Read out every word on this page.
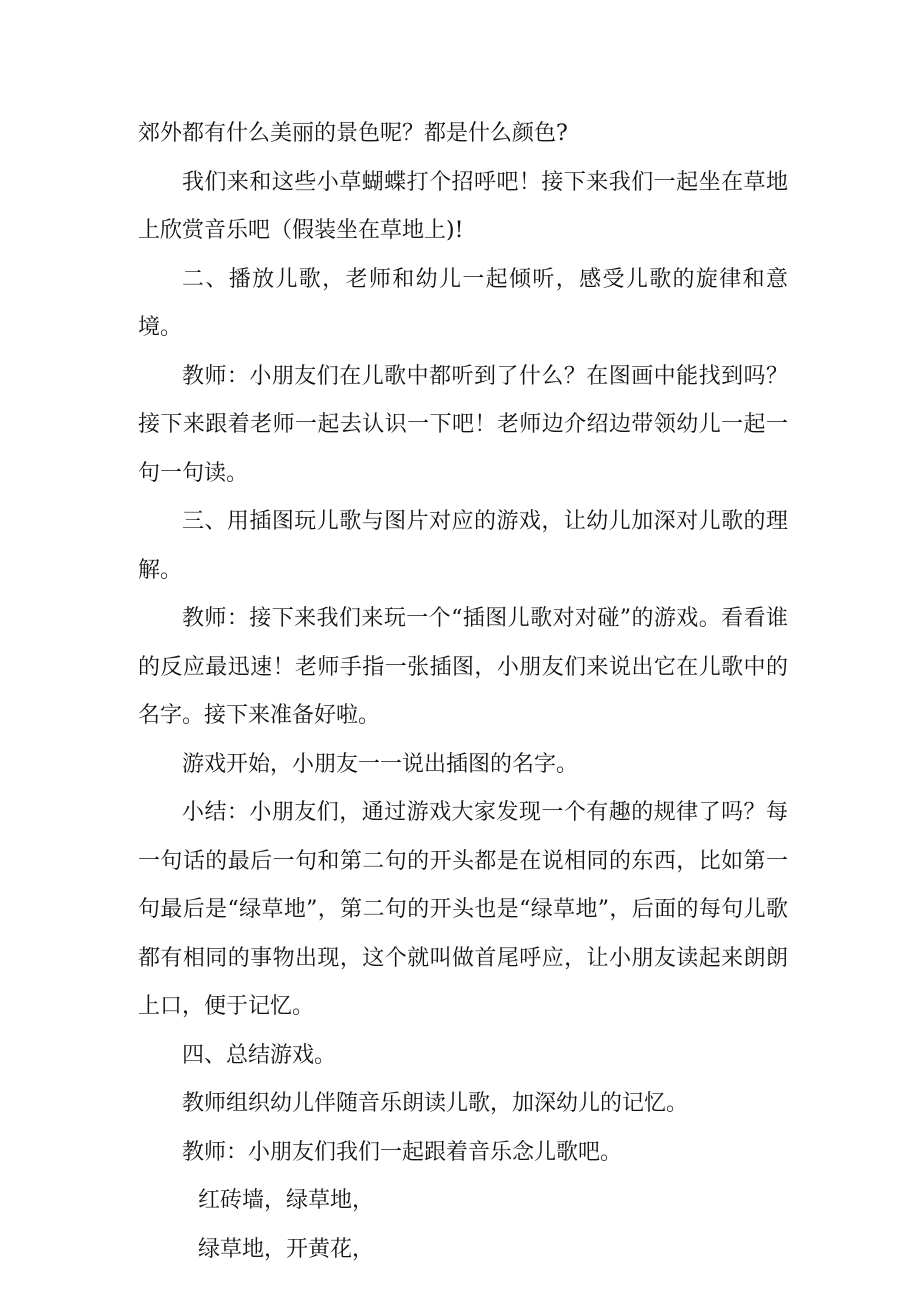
郊外都有什么美丽的景色呢？都是什么颜色?

我们来和这些小草蝴蝶打个招呼吧！接下来我们一起坐在草地上欣赏音乐吧（假装坐在草地上)!

二、播放儿歌，老师和幼儿一起倾听，感受儿歌的旋律和意境。

教师：小朋友们在儿歌中都听到了什么？在图画中能找到吗？接下来跟着老师一起去认识一下吧！老师边介绍边带领幼儿一起一句一句读。

三、用插图玩儿歌与图片对应的游戏，让幼儿加深对儿歌的理解。

教师：接下来我们来玩一个“插图儿歌对对碰”的游戏。看看谁的反应最迅速！老师手指一张插图，小朋友们来说出它在儿歌中的名字。接下来准备好啦。

游戏开始，小朋友一一说出插图的名字。

小结：小朋友们，通过游戏大家发现一个有趣的规律了吗？每一句话的最后一句和第二句的开头都是在说相同的东西，比如第一句最后是“绿草地”，第二句的开头也是“绿草地”，后面的每句儿歌都有相同的事物出现，这个就叫做首尾呼应，让小朋友读起来朗朗上口，便于记忆。

四、总结游戏。

教师组织幼儿伴随音乐朗读儿歌，加深幼儿的记忆。

教师：小朋友们我们一起跟着音乐念儿歌吧。

红砖墙，绿草地，

绿草地，开黄花，
